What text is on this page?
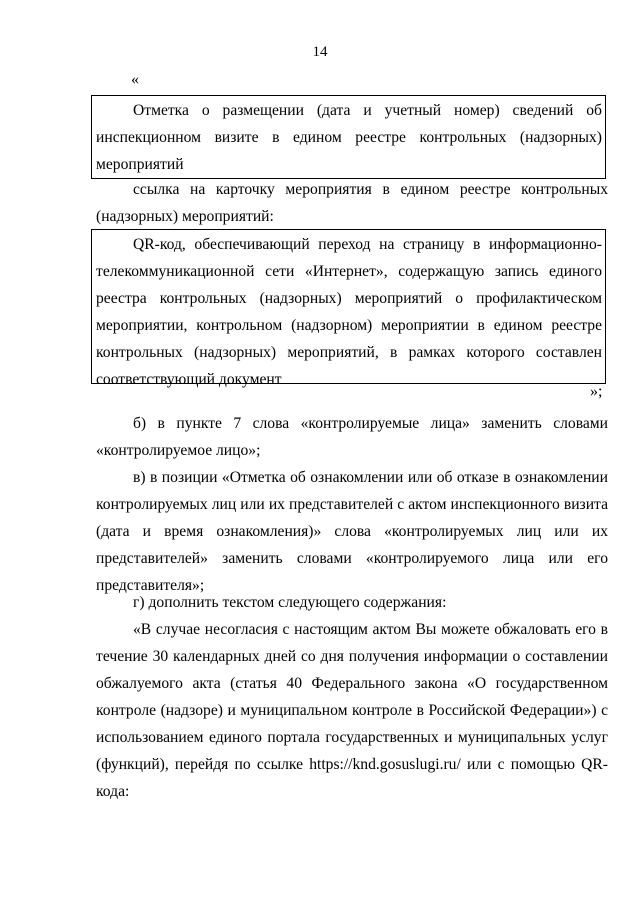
14
«

Отметка о размещении (дата и учетный номер) сведений об инспекционном визите в едином реестре контрольных (надзорных) мероприятий

ссылка на карточку мероприятия в едином реестре контрольных (надзорных) мероприятий:

QR-код, обеспечивающий переход на страницу в информационно-телекоммуникационной сети «Интернет», содержащую запись единого реестра контрольных (надзорных) мероприятий о профилактическом мероприятии, контрольном (надзорном) мероприятии в едином реестре контрольных (надзорных) мероприятий, в рамках которого составлен соответствующий документ

»;

б) в пункте 7 слова «контролируемые лица» заменить словами «контролируемое лицо»;

в) в позиции «Отметка об ознакомлении или об отказе в ознакомлении контролируемых лиц или их представителей с актом инспекционного визита (дата и время ознакомления)» слова «контролируемых лиц или их представителей» заменить словами «контролируемого лица или его представителя»;

г) дополнить текстом следующего содержания:

«В случае несогласия с настоящим актом Вы можете обжаловать его в течение 30 календарных дней со дня получения информации о составлении обжалуемого акта (статья 40 Федерального закона «О государственном контроле (надзоре) и муниципальном контроле в Российской Федерации») с использованием единого портала государственных и муниципальных услуг (функций), перейдя по ссылке https://knd.gosuslugi.ru/ или с помощью QR-кода:
